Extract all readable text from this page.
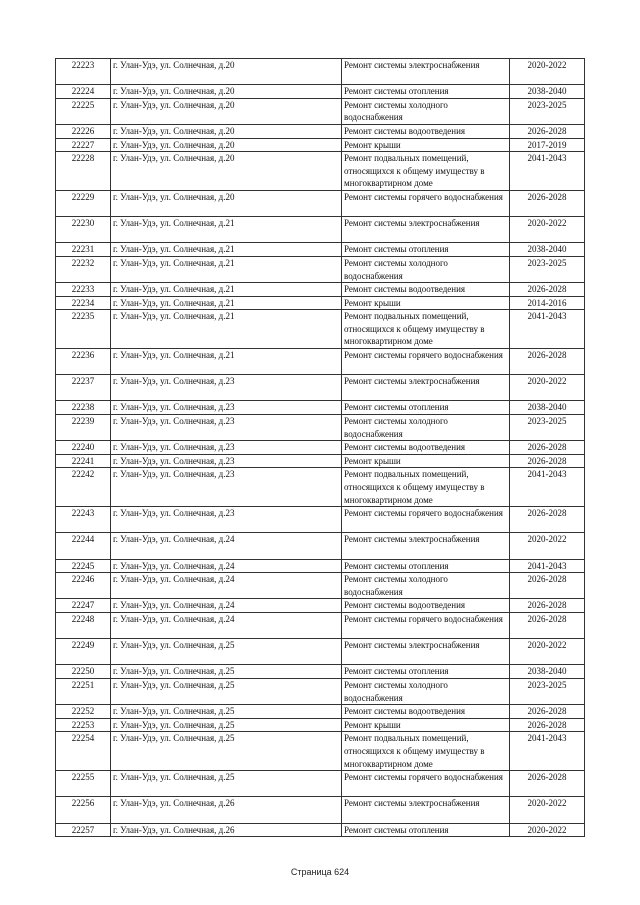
22223	г. Улан-Удэ, ул. Солнечная, д.20	Ремонт системы электроснабжения	2020-2022
22224	г. Улан-Удэ, ул. Солнечная, д.20	Ремонт системы отопления	2038-2040
22225	г. Улан-Удэ, ул. Солнечная, д.20	Ремонт системы холодного водоснабжения	2023-2025
22226	г. Улан-Удэ, ул. Солнечная, д.20	Ремонт системы водоотведения	2026-2028
22227	г. Улан-Удэ, ул. Солнечная, д.20	Ремонт крыши	2017-2019
22228	г. Улан-Удэ, ул. Солнечная, д.20	Ремонт подвальных помещений, относящихся к общему имуществу в многоквартирном доме	2041-2043
22229	г. Улан-Удэ, ул. Солнечная, д.20	Ремонт системы горячего водоснабжения	2026-2028
22230	г. Улан-Удэ, ул. Солнечная, д.21	Ремонт системы электроснабжения	2020-2022
22231	г. Улан-Удэ, ул. Солнечная, д.21	Ремонт системы отопления	2038-2040
22232	г. Улан-Удэ, ул. Солнечная, д.21	Ремонт системы холодного водоснабжения	2023-2025
22233	г. Улан-Удэ, ул. Солнечная, д.21	Ремонт системы водоотведения	2026-2028
22234	г. Улан-Удэ, ул. Солнечная, д.21	Ремонт крыши	2014-2016
22235	г. Улан-Удэ, ул. Солнечная, д.21	Ремонт подвальных помещений, относящихся к общему имуществу в многоквартирном доме	2041-2043
22236	г. Улан-Удэ, ул. Солнечная, д.21	Ремонт системы горячего водоснабжения	2026-2028
22237	г. Улан-Удэ, ул. Солнечная, д.23	Ремонт системы электроснабжения	2020-2022
22238	г. Улан-Удэ, ул. Солнечная, д.23	Ремонт системы отопления	2038-2040
22239	г. Улан-Удэ, ул. Солнечная, д.23	Ремонт системы холодного водоснабжения	2023-2025
22240	г. Улан-Удэ, ул. Солнечная, д.23	Ремонт системы водоотведения	2026-2028
22241	г. Улан-Удэ, ул. Солнечная, д.23	Ремонт крыши	2026-2028
22242	г. Улан-Удэ, ул. Солнечная, д.23	Ремонт подвальных помещений, относящихся к общему имуществу в многоквартирном доме	2041-2043
22243	г. Улан-Удэ, ул. Солнечная, д.23	Ремонт системы горячего водоснабжения	2026-2028
22244	г. Улан-Удэ, ул. Солнечная, д.24	Ремонт системы электроснабжения	2020-2022
22245	г. Улан-Удэ, ул. Солнечная, д.24	Ремонт системы отопления	2041-2043
22246	г. Улан-Удэ, ул. Солнечная, д.24	Ремонт системы холодного водоснабжения	2026-2028
22247	г. Улан-Удэ, ул. Солнечная, д.24	Ремонт системы водоотведения	2026-2028
22248	г. Улан-Удэ, ул. Солнечная, д.24	Ремонт системы горячего водоснабжения	2026-2028
22249	г. Улан-Удэ, ул. Солнечная, д.25	Ремонт системы электроснабжения	2020-2022
22250	г. Улан-Удэ, ул. Солнечная, д.25	Ремонт системы отопления	2038-2040
22251	г. Улан-Удэ, ул. Солнечная, д.25	Ремонт системы холодного водоснабжения	2023-2025
22252	г. Улан-Удэ, ул. Солнечная, д.25	Ремонт системы водоотведения	2026-2028
22253	г. Улан-Удэ, ул. Солнечная, д.25	Ремонт крыши	2026-2028
22254	г. Улан-Удэ, ул. Солнечная, д.25	Ремонт подвальных помещений, относящихся к общему имуществу в многоквартирном доме	2041-2043
22255	г. Улан-Удэ, ул. Солнечная, д.25	Ремонт системы горячего водоснабжения	2026-2028
22256	г. Улан-Удэ, ул. Солнечная, д.26	Ремонт системы электроснабжения	2020-2022
22257	г. Улан-Удэ, ул. Солнечная, д.26	Ремонт системы отопления	2020-2022
Страница 624
